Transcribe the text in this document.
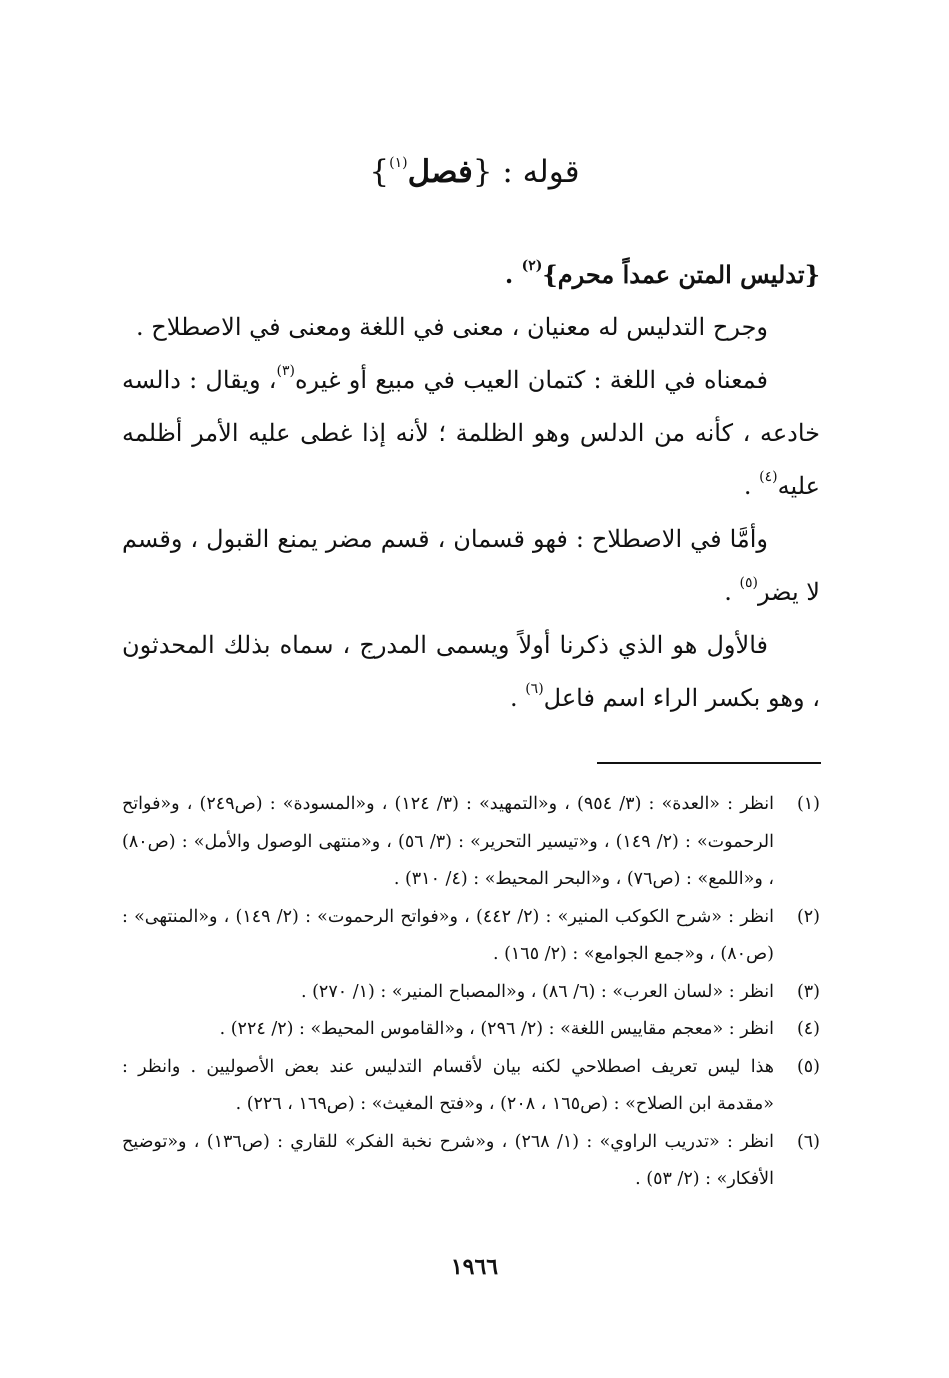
قوله : {فصل$^{(١)}$}

{تدليس المتن عمداً محرم}$^{(٢)}$ .

وجرح التدليس له معنيان ، معنى في اللغة ومعنى في الاصطلاح .

فمعناه في اللغة : كتمان العيب في مبيع أو غيره$^{(٣)}$، ويقال : دالسه خادعه ، كأنه من الدلس وهو الظلمة ؛ لأنه إذا غطى عليه الأمر أظلمه عليه$^{(٤)}$ .

وأمَّا في الاصطلاح : فهو قسمان ، قسم مضر يمنع القبول ، وقسم لا يضر$^{(٥)}$ .

فالأول هو الذي ذكرنا أولاً ويسمى المدرج ، سماه بذلك المحدثون ، وهو بكسر الراء اسم فاعل$^{(٦)}$ .

(١)
انظر : «العدة» : (٣/ ٩٥٤) ، و«التمهيد» : (٣/ ١٢٤) ، و«المسودة» : (ص٢٤٩) ، و«فواتح الرحموت» : (٢/ ١٤٩) ، و«تيسير التحرير» : (٣/ ٥٦) ، و«منتهى الوصول والأمل» : (ص٨٠) ، و«اللمع» : (ص٧٦) ، و«البحر المحيط» : (٤/ ٣١٠) .
(٢)
انظر : «شرح الكوكب المنير» : (٢/ ٤٤٢) ، و«فواتح الرحموت» : (٢/ ١٤٩) ، و«المنتهى» : (ص٨٠) ، و«جمع الجوامع» : (٢/ ١٦٥) .
(٣)
انظر : «لسان العرب» : (٦/ ٨٦) ، و«المصباح المنير» : (١/ ٢٧٠) .
(٤)
انظر : «معجم مقاييس اللغة» : (٢/ ٢٩٦) ، و«القاموس المحيط» : (٢/ ٢٢٤) .
(٥)
هذا ليس تعريف اصطلاحي لكنه بيان لأقسام التدليس عند بعض الأصوليين . وانظر : «مقدمة ابن الصلاح» : (ص١٦٥ ، ٢٠٨) ، و«فتح المغيث» : (ص١٦٩ ، ٢٢٦) .
(٦)
انظر : «تدريب الراوي» : (١/ ٢٦٨) ، و«شرح نخبة الفكر» للقاري : (ص١٣٦) ، و«توضيح الأفكار» : (٢/ ٥٣) .
١٩٦٦
